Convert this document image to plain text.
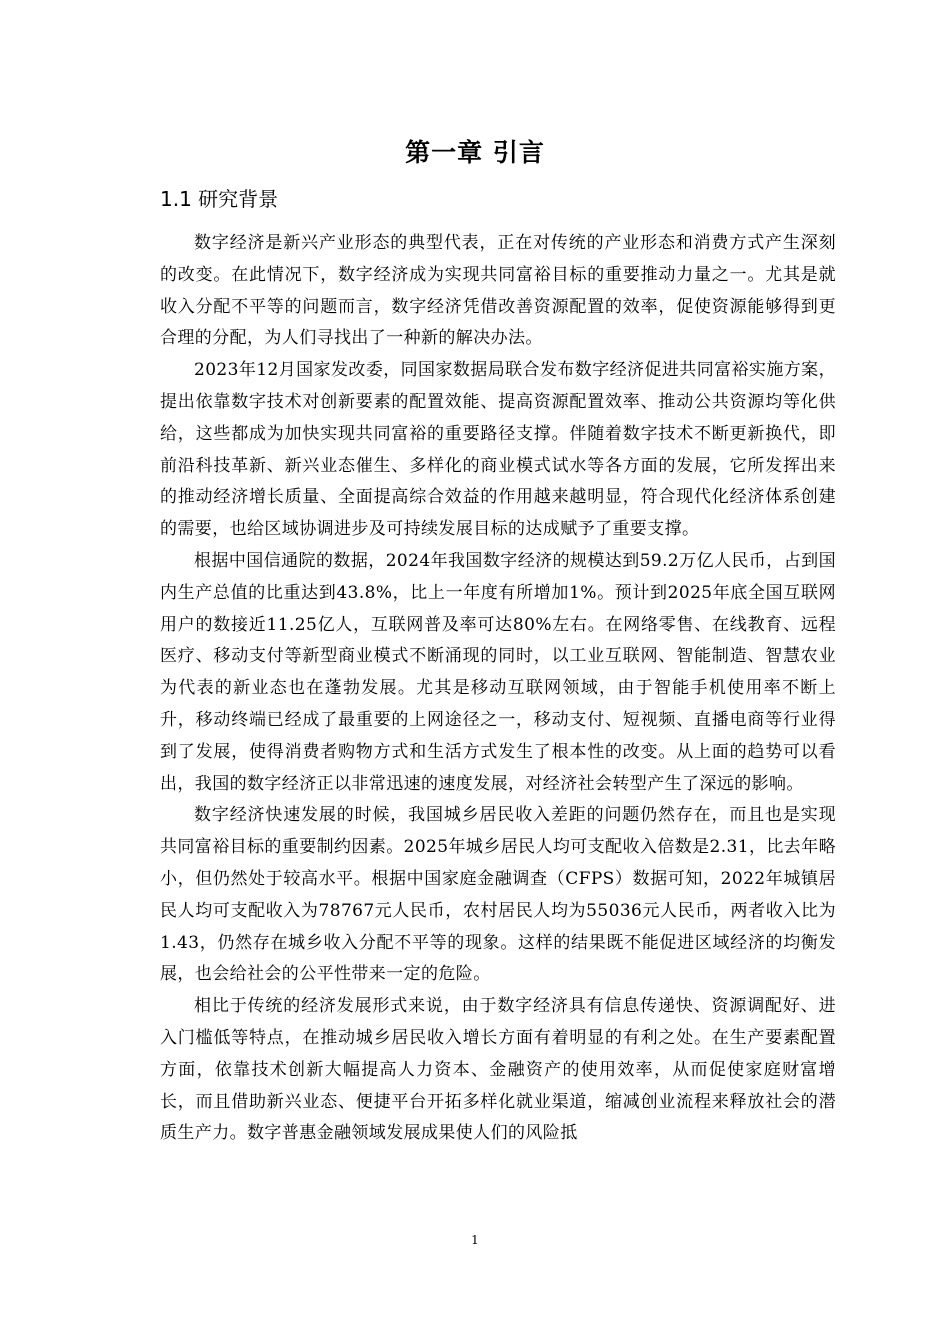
第一章 引言
1.1 研究背景

数字经济是新兴产业形态的典型代表，正在对传统的产业形态和消费方式产生深刻的改变。在此情况下，数字经济成为实现共同富裕目标的重要推动力量之一。尤其是就收入分配不平等的问题而言，数字经济凭借改善资源配置的效率，促使资源能够得到更合理的分配，为人们寻找出了一种新的解决办法。

2023年12月国家发改委，同国家数据局联合发布数字经济促进共同富裕实施方案，提出依靠数字技术对创新要素的配置效能、提高资源配置效率、推动公共资源均等化供给，这些都成为加快实现共同富裕的重要路径支撑。伴随着数字技术不断更新换代，即前沿科技革新、新兴业态催生、多样化的商业模式试水等各方面的发展，它所发挥出来的推动经济增长质量、全面提高综合效益的作用越来越明显，符合现代化经济体系创建的需要，也给区域协调进步及可持续发展目标的达成赋予了重要支撑。

根据中国信通院的数据，2024年我国数字经济的规模达到59.2万亿人民币，占到国内生产总值的比重达到43.8%，比上一年度有所增加1%。预计到2025年底全国互联网用户的数接近11.25亿人，互联网普及率可达80%左右。在网络零售、在线教育、远程医疗、移动支付等新型商业模式不断涌现的同时，以工业互联网、智能制造、智慧农业为代表的新业态也在蓬勃发展。尤其是移动互联网领域，由于智能手机使用率不断上升，移动终端已经成了最重要的上网途径之一，移动支付、短视频、直播电商等行业得到了发展，使得消费者购物方式和生活方式发生了根本性的改变。从上面的趋势可以看出，我国的数字经济正以非常迅速的速度发展，对经济社会转型产生了深远的影响。

数字经济快速发展的时候，我国城乡居民收入差距的问题仍然存在，而且也是实现共同富裕目标的重要制约因素。2025年城乡居民人均可支配收入倍数是2.31，比去年略小，但仍然处于较高水平。根据中国家庭金融调查（CFPS）数据可知，2022年城镇居民人均可支配收入为78767元人民币，农村居民人均为55036元人民币，两者收入比为1.43，仍然存在城乡收入分配不平等的现象。这样的结果既不能促进区域经济的均衡发展，也会给社会的公平性带来一定的危险。

相比于传统的经济发展形式来说，由于数字经济具有信息传递快、资源调配好、进入门槛低等特点，在推动城乡居民收入增长方面有着明显的有利之处。在生产要素配置方面，依靠技术创新大幅提高人力资本、金融资产的使用效率，从而促使家庭财富增长，而且借助新兴业态、便捷平台开拓多样化就业渠道，缩减创业流程来释放社会的潜质生产力。数字普惠金融领域发展成果使人们的风险抵

1
